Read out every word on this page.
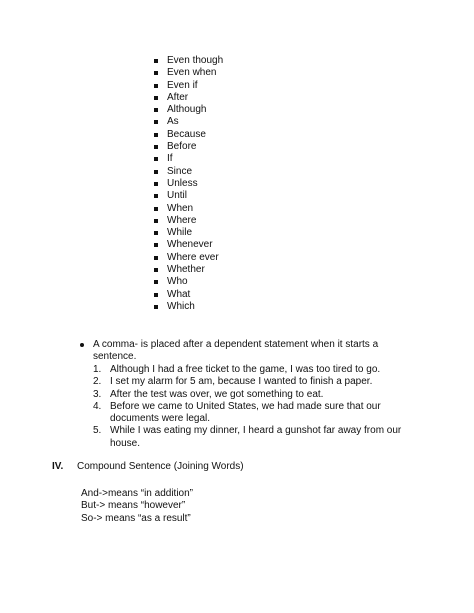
Even though
Even when
Even if
After
Although
As
Because
Before
If
Since
Unless
Until
When
Where
While
Whenever
Where ever
Whether
Who
What
Which
A comma- is placed after a dependent statement when it starts a sentence.
1. Although I had a free ticket to the game, I was too tired to go.
2. I set my alarm for 5 am, because I wanted to finish a paper.
3. After the test was over, we got something to eat.
4. Before we came to United States, we had made sure that our documents were legal.
5. While I was eating my dinner, I heard a gunshot far away from our house.
IV. Compound Sentence (Joining Words)
And->means “in addition”
But-> means “however”
So-> means “as a result”
